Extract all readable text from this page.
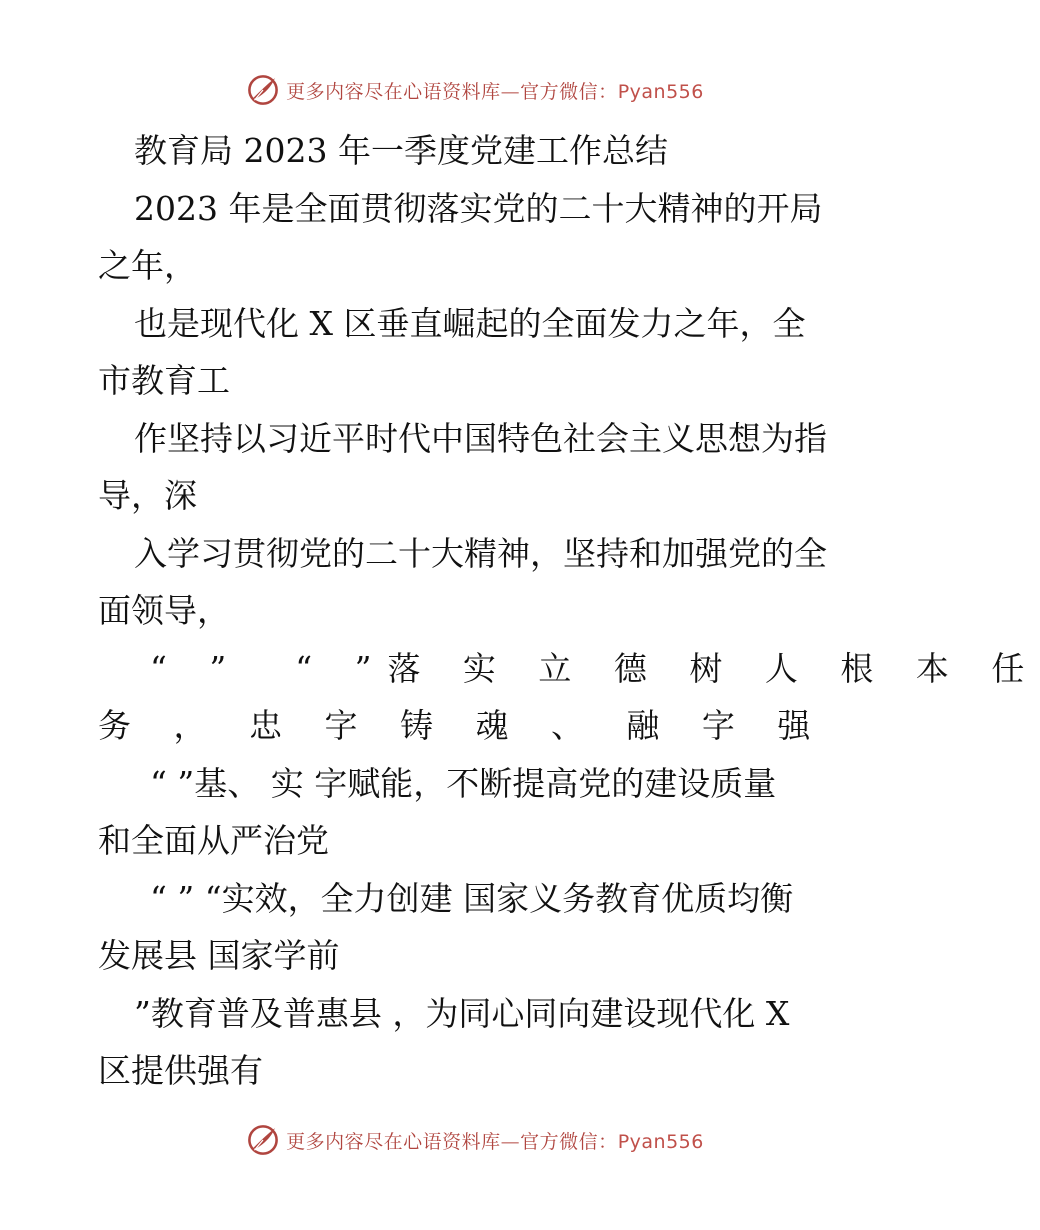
更多内容尽在心语资料库—官方微信：Pyan556
教育局 2023 年一季度党建工作总结
2023 年是全面贯彻落实党的二十大精神的开局
之年，
也是现代化 X 区垂直崛起的全面发力之年，全
市教育工
作坚持以习近平时代中国特色社会主义思想为指
导，深
入学习贯彻党的二十大精神，坚持和加强党的全
面领导，
“ ”  “ ”落 实 立 德 树 人 根 本 任
务 ， 忠 字 铸 魂 、 融 字 强
“ ”基、 实 字赋能，不断提高党的建设质量
和全面从严治党
“ ” “实效，全力创建 国家义务教育优质均衡
发展县 国家学前
”教育普及普惠县 ，为同心同向建设现代化 X
区提供强有
更多内容尽在心语资料库—官方微信：Pyan556
